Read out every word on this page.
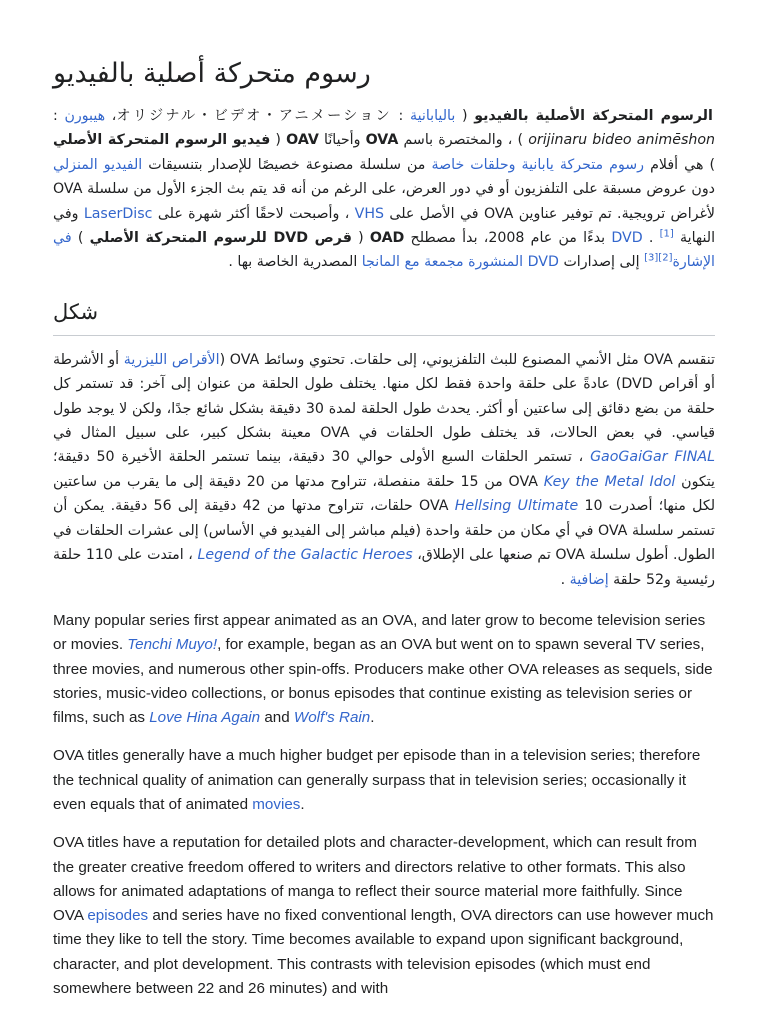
رسوم متحركة أصلية بالفيديو

الرسوم المتحركة الأصلية بالفيديو ( باليابانية : オリジナル・ビデオ・アニメーション، هيبورن : orijinaru bideo animēshon ) ، والمختصرة باسم OVA وأحيانًا OAV ( فيديو الرسوم المتحركة الأصلي ) هي أفلام رسوم متحركة يابانية وحلقات خاصة من سلسلة مصنوعة خصيصًا للإصدار بتنسيقات الفيديو المنزلي دون عروض مسبقة على التلفزيون أو في دور العرض، على الرغم من أنه قد يتم بث الجزء الأول من سلسلة OVA لأغراض ترويجية. تم توفير عناوين OVA في الأصل على VHS ، وأصبحت لاحقًا أكثر شهرة على LaserDisc وفي النهاية DVD . [1] بدءًا من عام 2008، بدأ مصطلح OAD ( قرص DVD للرسوم المتحركة الأصلي ) في الإشارة[2][3] إلى إصدارات DVD المنشورة مجمعة مع المانجا المصدرية الخاصة بها .

شكل

تنقسم OVA مثل الأنمي المصنوع للبث التلفزيوني، إلى حلقات. تحتوي وسائط OVA (الأقراص الليزرية أو الأشرطة أو أقراص DVD) عادةً على حلقة واحدة فقط لكل منها. يختلف طول الحلقة من عنوان إلى آخر: قد تستمر كل حلقة من بضع دقائق إلى ساعتين أو أكثر. يحدث طول الحلقة لمدة 30 دقيقة بشكل شائع جدًا، ولكن لا يوجد طول قياسي. في بعض الحالات، قد يختلف طول الحلقات في OVA معينة بشكل كبير، على سبيل المثال في GaoGaiGar FINAL ، تستمر الحلقات السبع الأولى حوالي 30 دقيقة، بينما تستمر الحلقة الأخيرة 50 دقيقة؛ يتكون OVA Key the Metal Idol من 15 حلقة منفصلة، تتراوح مدتها من 20 دقيقة إلى ما يقرب من ساعتين لكل منها؛ أصدرت OVA Hellsing Ultimate 10 حلقات، تتراوح مدتها من 42 دقيقة إلى 56 دقيقة. يمكن أن تستمر سلسلة OVA في أي مكان من حلقة واحدة (فيلم مباشر إلى الفيديو في الأساس) إلى عشرات الحلقات في الطول. أطول سلسلة OVA تم صنعها على الإطلاق، Legend of the Galactic Heroes ، امتدت على 110 حلقة رئيسية و52 حلقة إضافية .

Many popular series first appear animated as an OVA, and later grow to become television series or movies. Tenchi Muyo!, for example, began as an OVA but went on to spawn several TV series, three movies, and numerous other spin-offs. Producers make other OVA releases as sequels, side stories, music-video collections, or bonus episodes that continue existing as television series or films, such as Love Hina Again and Wolf's Rain.

OVA titles generally have a much higher budget per episode than in a television series; therefore the technical quality of animation can generally surpass that in television series; occasionally it even equals that of animated movies.

OVA titles have a reputation for detailed plots and character-development, which can result from the greater creative freedom offered to writers and directors relative to other formats. This also allows for animated adaptations of manga to reflect their source material more faithfully. Since OVA episodes and series have no fixed conventional length, OVA directors can use however much time they like to tell the story. Time becomes available to expand upon significant background, character, and plot development. This contrasts with television episodes (which must end somewhere between 22 and 26 minutes) and with
